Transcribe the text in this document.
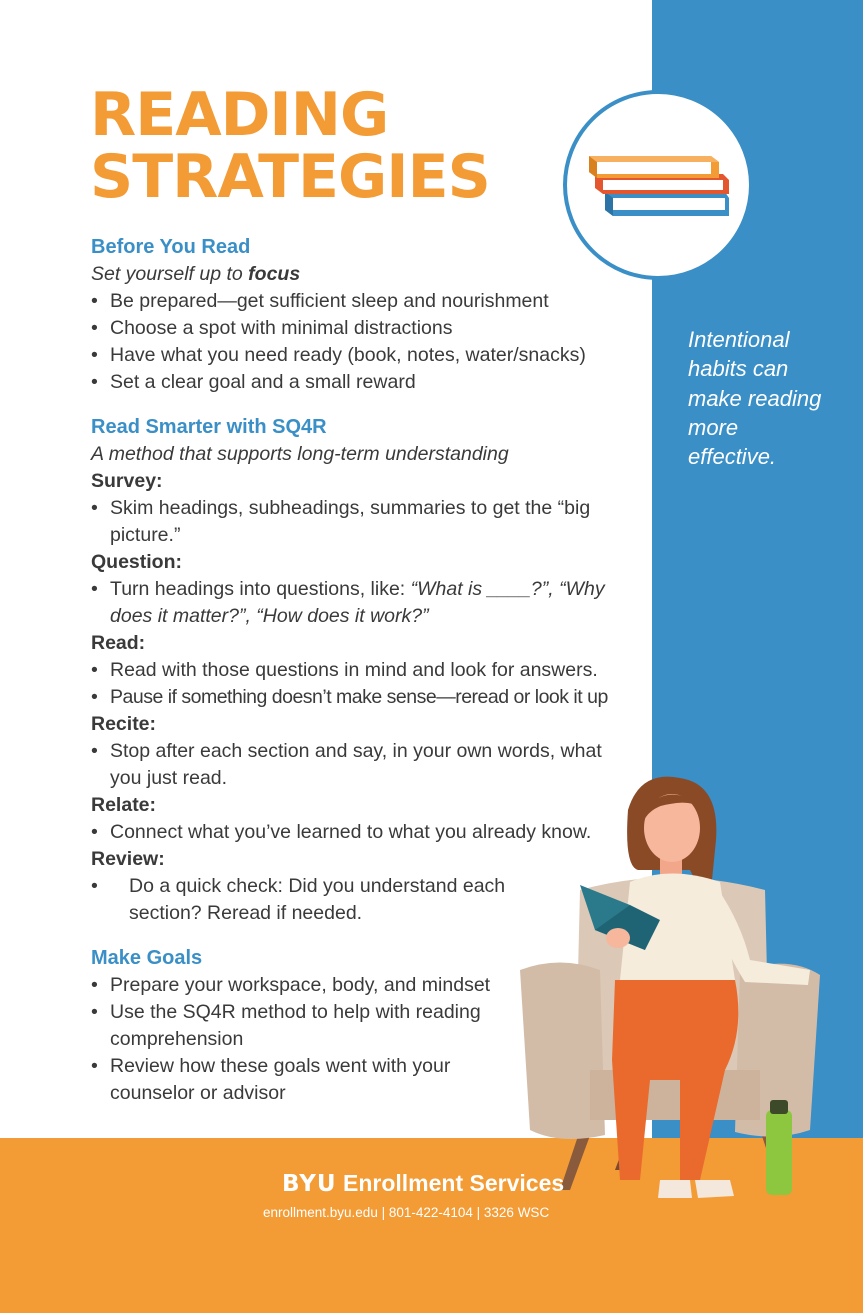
READING
STRATEGIES
Intentional habits can make reading more effective.
Before You Read
Set yourself up to focus
• Be prepared—get sufficient sleep and nourishment
• Choose a spot with minimal distractions
• Have what you need ready (book, notes, water/snacks)
• Set a clear goal and a small reward
Read Smarter with SQ4R
A method that supports long-term understanding
Survey:
• Skim headings, subheadings, summaries to get the “big picture.”
Question:
• Turn headings into questions, like: “What is ____?”, “Why does it matter?”, “How does it work?”
Read:
• Read with those questions in mind and look for answers.
• Pause if something doesn’t make sense—reread or look it up
Recite:
• Stop after each section and say, in your own words, what you just read.
Relate:
• Connect what you’ve learned to what you already know.
Review:
• Do a quick check: Did you understand each section? Reread if needed.
Make Goals
• Prepare your workspace, body, and mindset
• Use the SQ4R method to help with reading comprehension
• Review how these goals went with your counselor or advisor
BYU Enrollment Services
enrollment.byu.edu | 801-422-4104 | 3326 WSC
